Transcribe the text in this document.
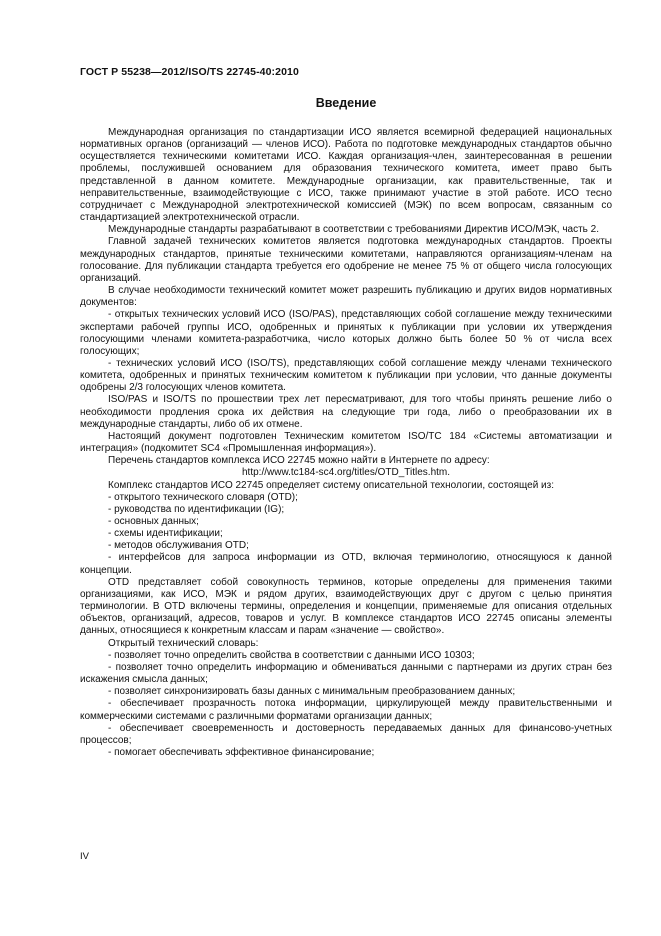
ГОСТ Р 55238—2012/ISO/TS 22745-40:2010
Введение

Международная организация по стандартизации ИСО является всемирной федерацией национальных нормативных органов (организаций — членов ИСО). Работа по подготовке международных стандартов обычно осуществляется техническими комитетами ИСО. Каждая организация-член, заинтересованная в решении проблемы, послужившей основанием для образования технического комитета, имеет право быть представленной в данном комитете. Международные организации, как правительственные, так и неправительственные, взаимодействующие с ИСО, также принимают участие в этой работе. ИСО тесно сотрудничает с Международной электротехнической комиссией (МЭК) по всем вопросам, связанным со стандартизацией электротехнической отрасли.

Международные стандарты разрабатывают в соответствии с требованиями Директив ИСО/МЭК, часть 2.

Главной задачей технических комитетов является подготовка международных стандартов. Проекты международных стандартов, принятые техническими комитетами, направляются организациям-членам на голосование. Для публикации стандарта требуется его одобрение не менее 75 % от общего числа голосующих организаций.

В случае необходимости технический комитет может разрешить публикацию и других видов нормативных документов:

- открытых технических условий ИСО (ISO/PAS), представляющих собой соглашение между техническими экспертами рабочей группы ИСО, одобренных и принятых к публикации при условии их утверждения голосующими членами комитета-разработчика, число которых должно быть более 50 % от числа всех голосующих;

- технических условий ИСО (ISO/TS), представляющих собой соглашение между членами технического комитета, одобренных и принятых техническим комитетом к публикации при условии, что данные документы одобрены 2/3 голосующих членов комитета.

ISO/PAS и ISO/TS по прошествии трех лет пересматривают, для того чтобы принять решение либо о необходимости продления срока их действия на следующие три года, либо о преобразовании их в международные стандарты, либо об их отмене.

Настоящий документ подготовлен Техническим комитетом ISO/TC 184 «Системы автоматизации и интеграция» (подкомитет SC4 «Промышленная информация»).

Перечень стандартов комплекса ИСО 22745 можно найти в Интернете по адресу:

http://www.tc184-sc4.org/titles/OTD_Titles.htm.

Комплекс стандартов ИСО 22745 определяет систему описательной технологии, состоящей из:

- открытого технического словаря (OTD);

- руководства по идентификации (IG);

- основных данных;

- схемы идентификации;

- методов обслуживания OTD;

- интерфейсов для запроса информации из OTD, включая терминологию, относящуюся к данной концепции.

OTD представляет собой совокупность терминов, которые определены для применения такими организациями, как ИСО, МЭК и рядом других, взаимодействующих друг с другом с целью принятия терминологии. В OTD включены термины, определения и концепции, применяемые для описания отдельных объектов, организаций, адресов, товаров и услуг. В комплексе стандартов ИСО 22745 описаны элементы данных, относящиеся к конкретным классам и парам «значение — свойство».

Открытый технический словарь:

- позволяет точно определить свойства в соответствии с данными ИСО 10303;

- позволяет точно определить информацию и обмениваться данными с партнерами из других стран без искажения смысла данных;

- позволяет синхронизировать базы данных с минимальным преобразованием данных;

- обеспечивает прозрачность потока информации, циркулирующей между правительственными и коммерческими системами с различными форматами организации данных;

- обеспечивает своевременность и достоверность передаваемых данных для финансово-учетных процессов;

- помогает обеспечивать эффективное финансирование;

IV
